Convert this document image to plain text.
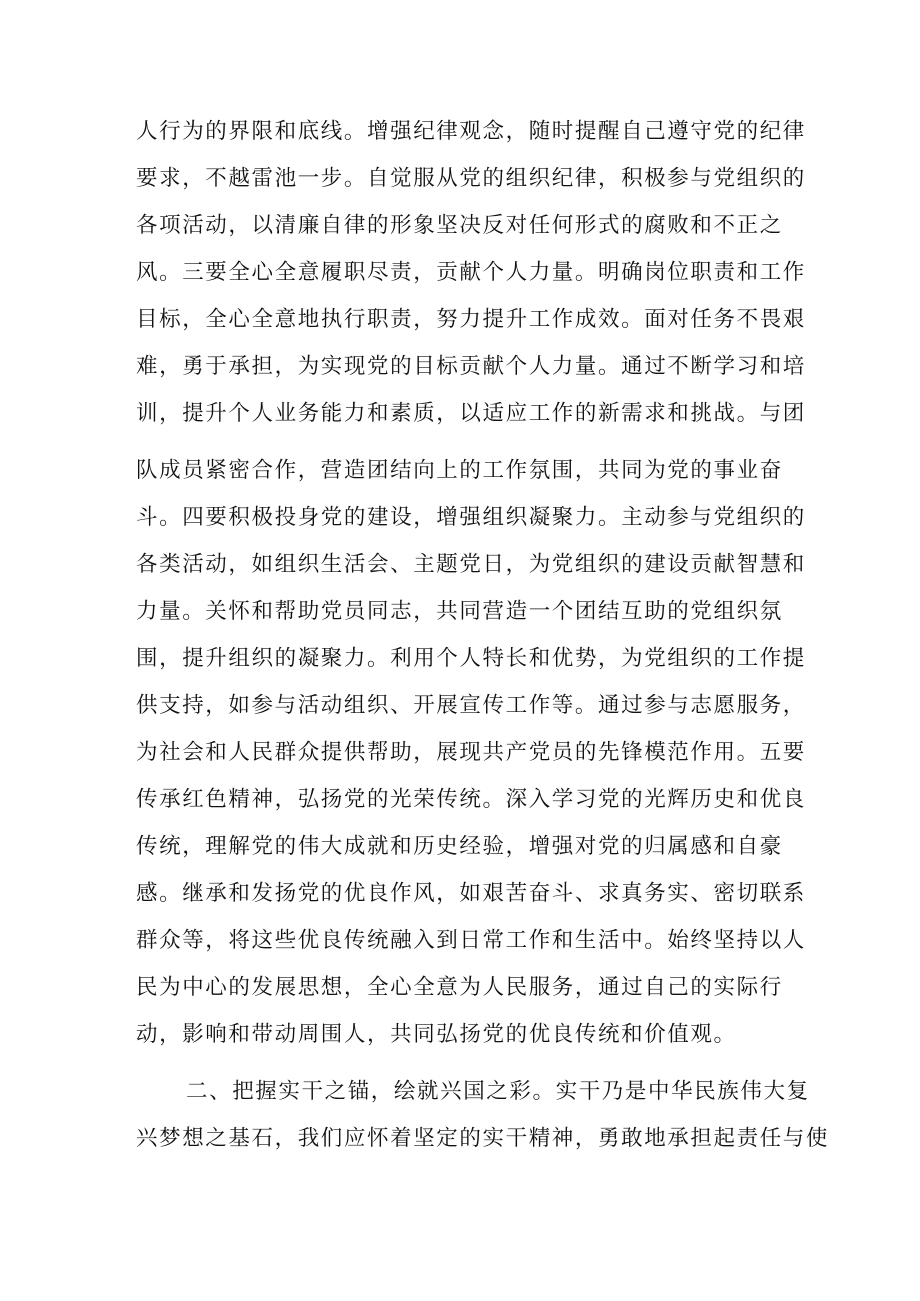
人行为的界限和底线。增强纪律观念，随时提醒自己遵守党的纪律
要求，不越雷池一步。自觉服从党的组织纪律，积极参与党组织的
各项活动，以清廉自律的形象坚决反对任何形式的腐败和不正之
风。三要全心全意履职尽责，贡献个人力量。明确岗位职责和工作
目标，全心全意地执行职责，努力提升工作成效。面对任务不畏艰
难，勇于承担，为实现党的目标贡献个人力量。通过不断学习和培
训，提升个人业务能力和素质，以适应工作的新需求和挑战。与团
队成员紧密合作，营造团结向上的工作氛围，共同为党的事业奋
斗。四要积极投身党的建设，增强组织凝聚力。主动参与党组织的
各类活动，如组织生活会、主题党日，为党组织的建设贡献智慧和
力量。关怀和帮助党员同志，共同营造一个团结互助的党组织氛
围，提升组织的凝聚力。利用个人特长和优势，为党组织的工作提
供支持，如参与活动组织、开展宣传工作等。通过参与志愿服务，
为社会和人民群众提供帮助，展现共产党员的先锋模范作用。五要
传承红色精神，弘扬党的光荣传统。深入学习党的光辉历史和优良
传统，理解党的伟大成就和历史经验，增强对党的归属感和自豪
感。继承和发扬党的优良作风，如艰苦奋斗、求真务实、密切联系
群众等，将这些优良传统融入到日常工作和生活中。始终坚持以人
民为中心的发展思想，全心全意为人民服务，通过自己的实际行
动，影响和带动周围人，共同弘扬党的优良传统和价值观。
二、把握实干之锚，绘就兴国之彩。实干乃是中华民族伟大复
兴梦想之基石，我们应怀着坚定的实干精神，勇敢地承担起责任与使
